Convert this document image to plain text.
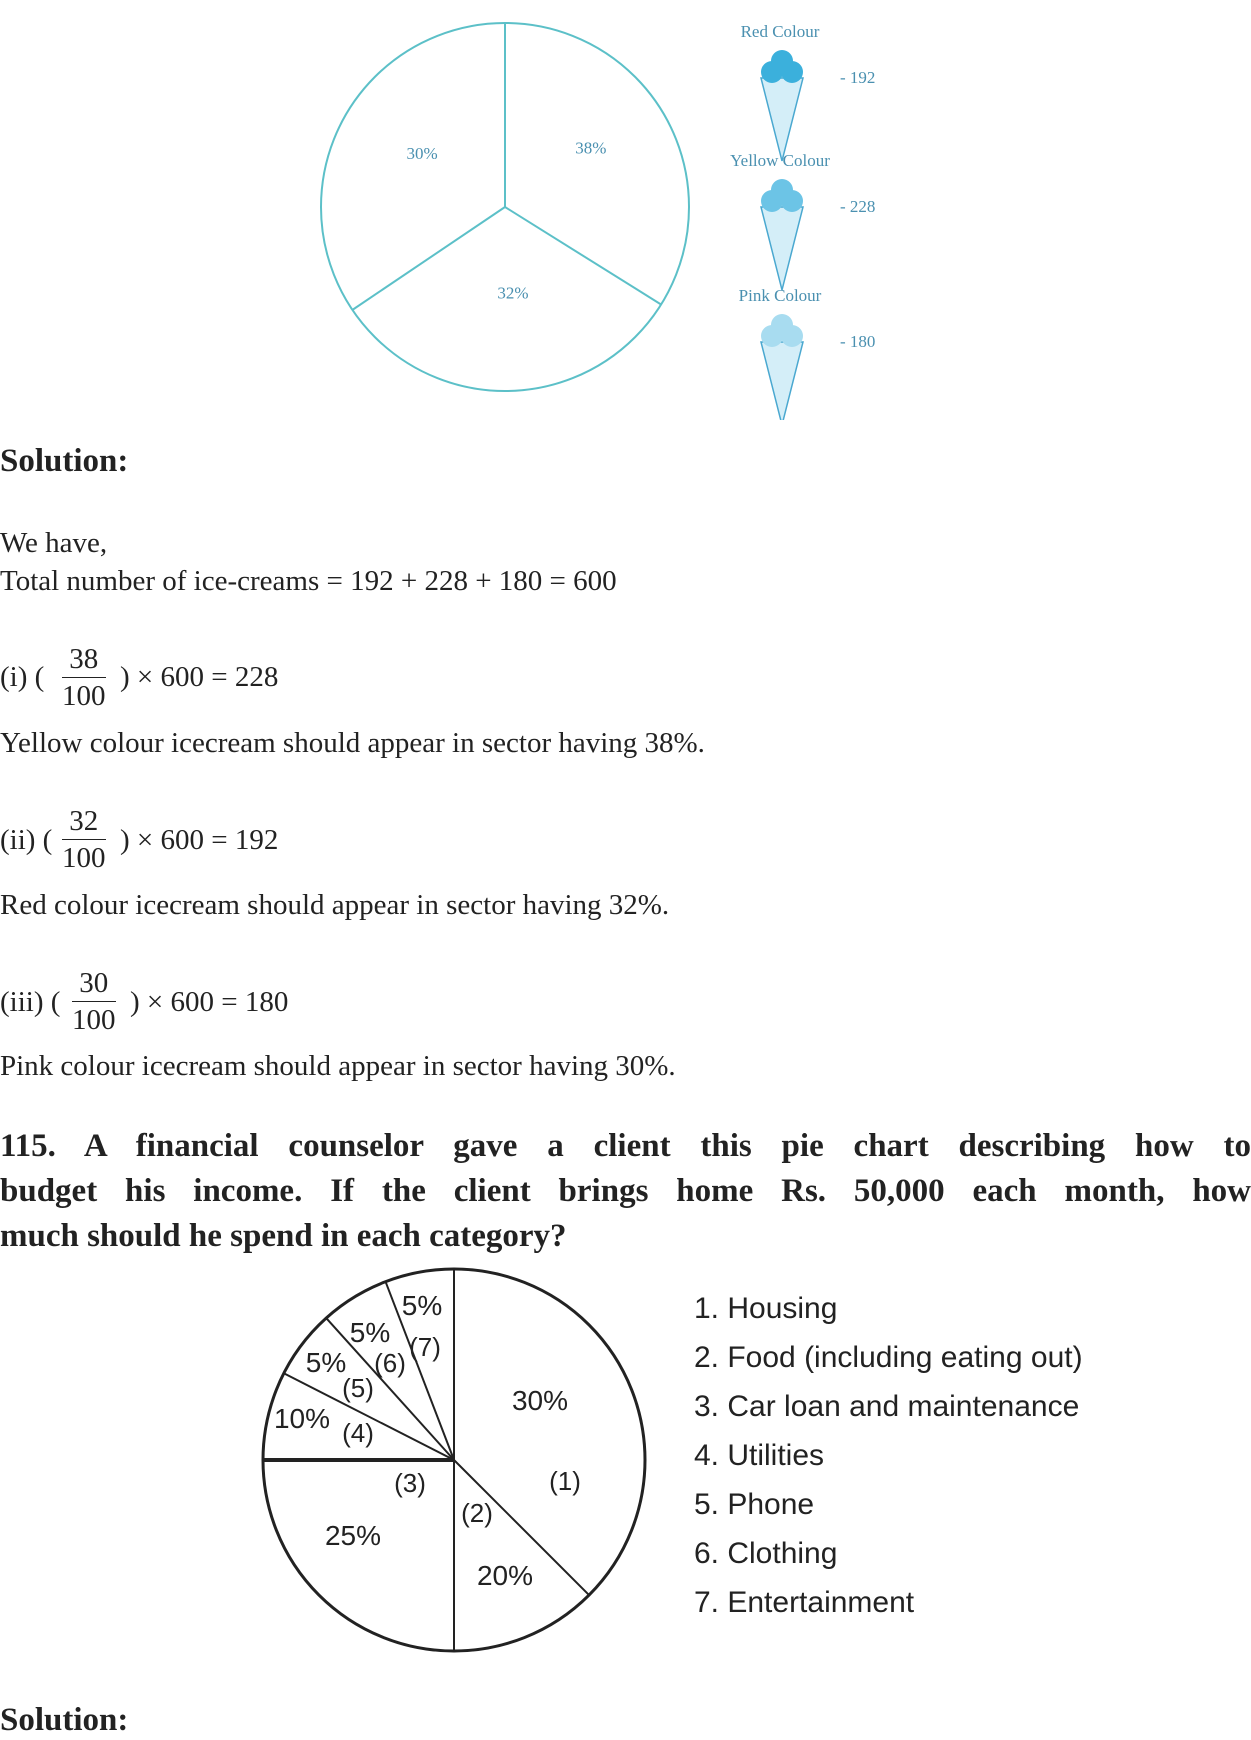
38%
32%
30%
Red Colour
- 192
Yellow Colour
- 228
Pink Colour
- 180
Solution:
We have,
Total number of ice-creams = 192 + 228 + 180 = 600
(i) ( $\frac{38}{100}$ ) × 600 = 228
Yellow colour icecream should appear in sector having 38%.
(ii) ( $\frac{32}{100}$ ) × 600 = 192
Red colour icecream should appear in sector having 32%.
(iii) ( $\frac{30}{100}$ ) × 600 = 180
Pink colour icecream should appear in sector having 30%.
115. A financial counselor gave a client this pie chart describing how to
budget his income. If the client brings home Rs. 50,000 each month, how
much should he spend in each category?
30%
(1)
20%
(2)
25%
(3)
10% (4)
5%
(5)
5%
(6)
5%
(7)
1. Housing
2. Food (including eating out)
3. Car loan and maintenance
4. Utilities
5. Phone
6. Clothing
7. Entertainment
Solution:
